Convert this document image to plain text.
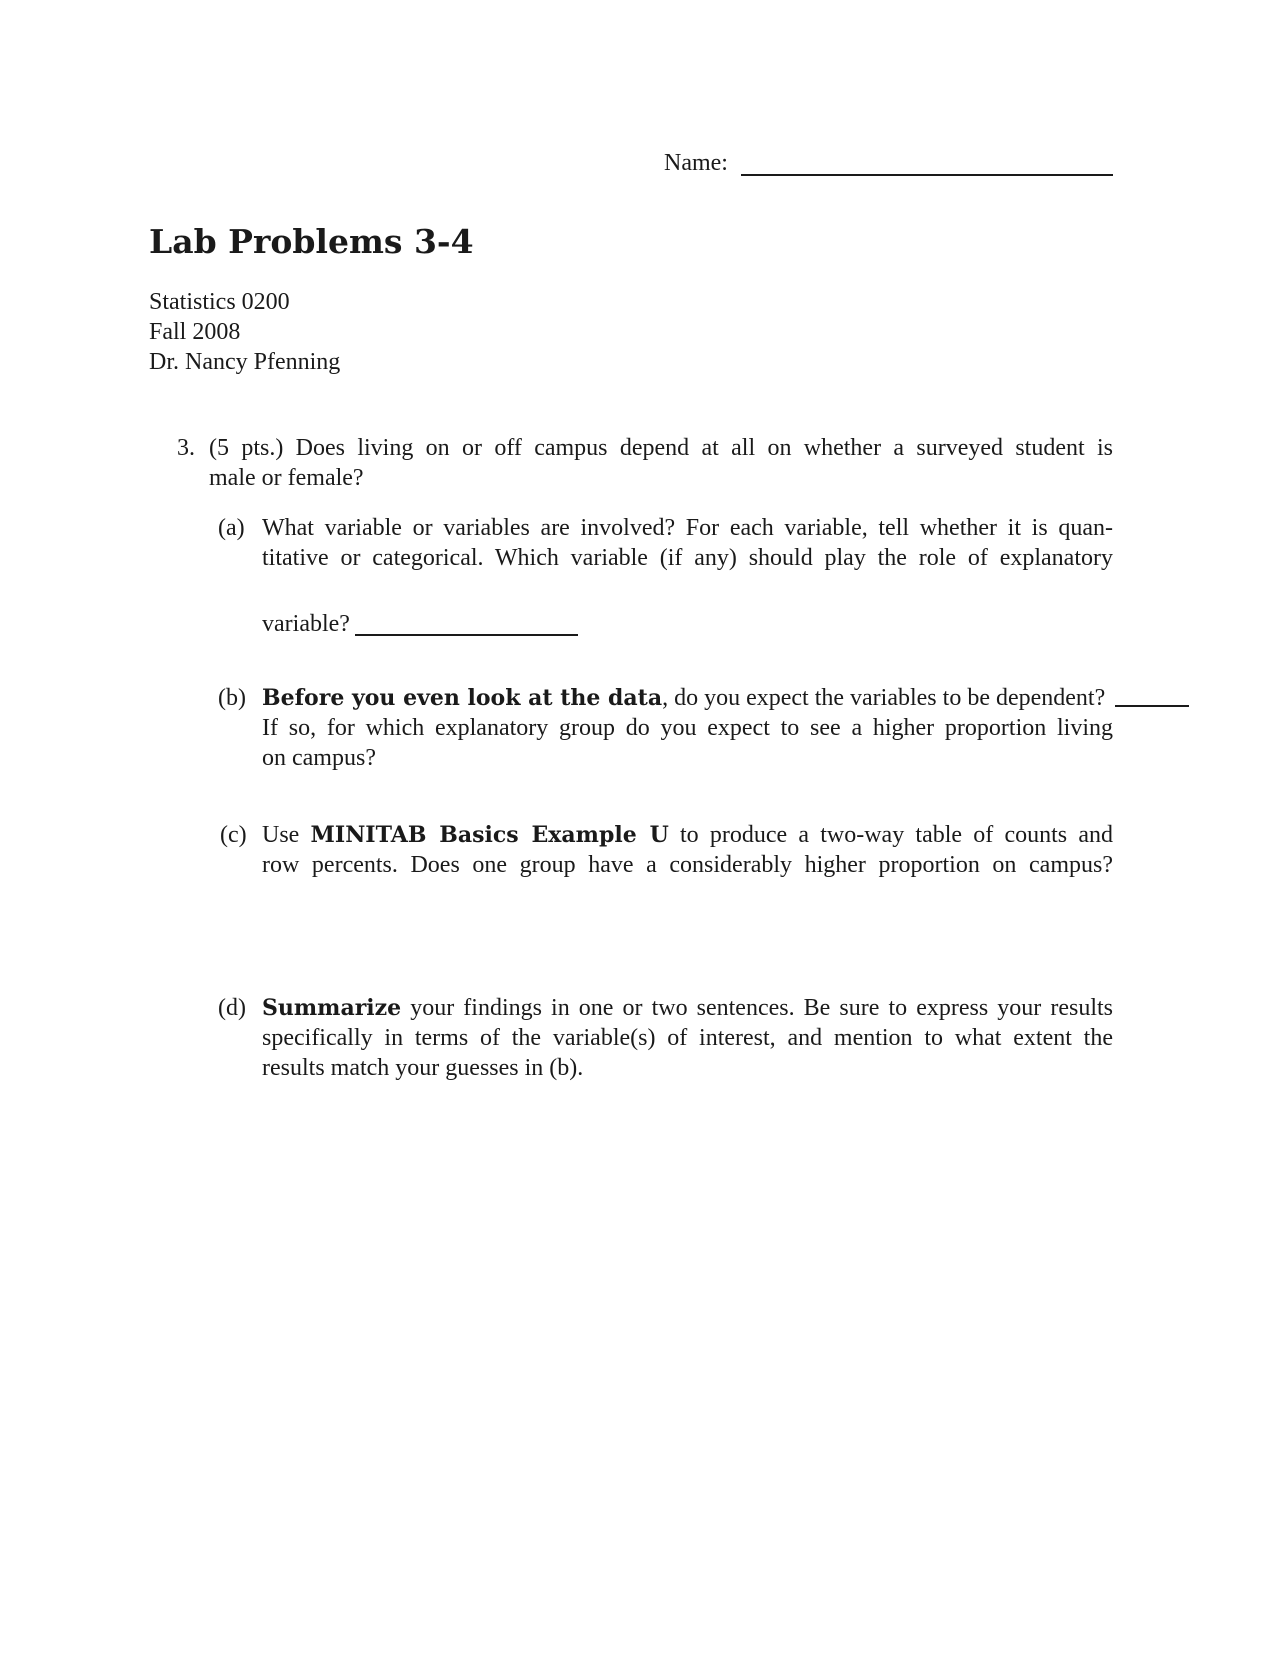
Name:
Lab Problems 3-4
Statistics 0200
Fall 2008
Dr. Nancy Pfenning
3. (5 pts.) Does living on or off campus depend at all on whether a surveyed student is
male or female?
(a) What variable or variables are involved? For each variable, tell whether it is quan-
titative or categorical. Which variable (if any) should play the role of explanatory
variable?
(b) Before you even look at the data, do you expect the variables to be dependent?
If so, for which explanatory group do you expect to see a higher proportion living
on campus?
(c) Use MINITAB Basics Example U to produce a two-way table of counts and
row percents. Does one group have a considerably higher proportion on campus?
(d) Summarize your findings in one or two sentences. Be sure to express your results
specifically in terms of the variable(s) of interest, and mention to what extent the
results match your guesses in (b).
